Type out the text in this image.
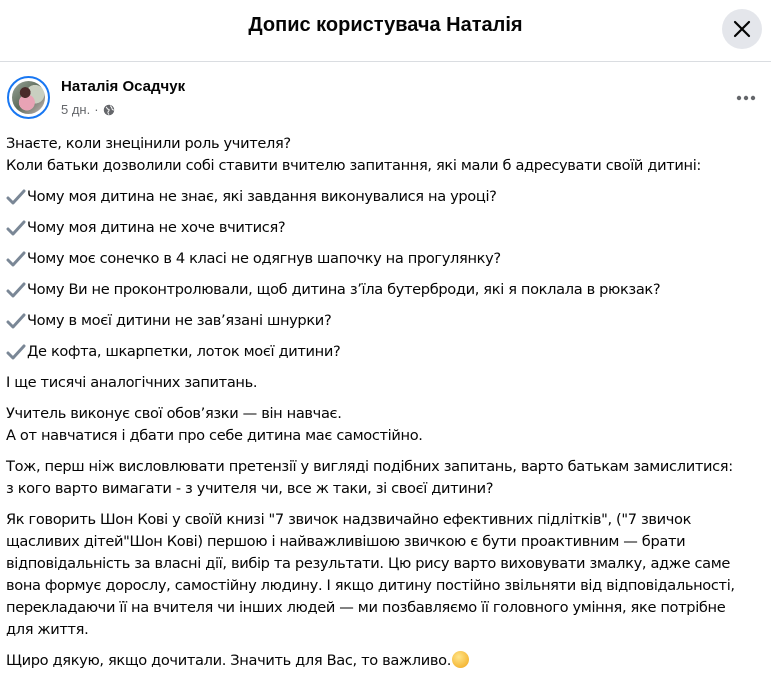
Допис користувача Наталія
Наталія Осадчук
5 дн. ·

Знаєте, коли знецінили роль учителя?
Коли батьки дозволили собі ставити вчителю запитання, які мали б адресувати своїй дитині:

Чому моя дитина не знає, які завдання виконувалися на уроці?
Чому моя дитина не хоче вчитися?
Чому моє сонечко в 4 класі не одягнув шапочку на прогулянку?
Чому Ви не проконтролювали, щоб дитина з’їла бутерброди, які я поклала в рюкзак?
Чому в моєї дитини не зав’язані шнурки?
Де кофта, шкарпетки, лоток моєї дитини?

І ще тисячі аналогічних запитань.

Учитель виконує свої обов’язки — він навчає.
А от навчатися і дбати про себе дитина має самостійно.

Тож, перш ніж висловлювати претензії у вигляді подібних запитань, варто батькам замислитися:
з кого варто вимагати - з учителя чи, все ж таки, зі своєї дитини?

Як говорить Шон Кові у своїй книзі "7 звичок надзвичайно ефективних підлітків", ("7 звичок
щасливих дітей"Шон Кові) першою і найважливішою звичкою є бути проактивним — брати
відповідальність за власні дії, вибір та результати. Цю рису варто виховувати змалку, адже саме
вона формує дорослу, самостійну людину. І якщо дитину постійно звільняти від відповідальності,
перекладаючи її на вчителя чи інших людей — ми позбавляємо її головного уміння, яке потрібне
для життя.

Щиро дякую, якщо дочитали. Значить для Вас, то важливо.
